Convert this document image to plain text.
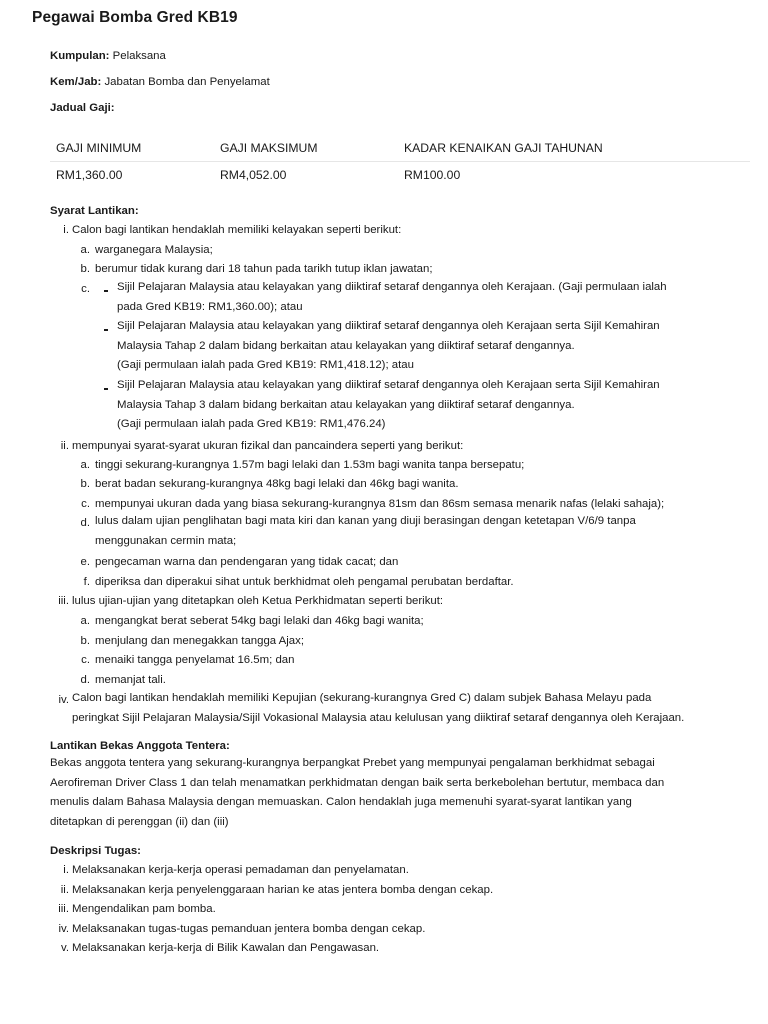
Pegawai Bomba Gred KB19
Kumpulan: Pelaksana
Kem/Jab: Jabatan Bomba dan Penyelamat
Jadual Gaji:
GAJI MINIMUM	GAJI MAKSIMUM	KADAR KENAIKAN GAJI TAHUNAN
RM1,360.00	RM4,052.00	RM100.00
Syarat Lantikan:
i. Calon bagi lantikan hendaklah memiliki kelayakan seperti berikut:
a. warganegara Malaysia;
b. berumur tidak kurang dari 18 tahun pada tarikh tutup iklan jawatan;
c. Sijil Pelajaran Malaysia atau kelayakan yang diiktiraf setaraf dengannya oleh Kerajaan. (Gaji permulaan ialah
pada Gred KB19: RM1,360.00); atau
Sijil Pelajaran Malaysia atau kelayakan yang diiktiraf setaraf dengannya oleh Kerajaan serta Sijil Kemahiran
Malaysia Tahap 2 dalam bidang berkaitan atau kelayakan yang diiktiraf setaraf dengannya.
(Gaji permulaan ialah pada Gred KB19: RM1,418.12); atau
Sijil Pelajaran Malaysia atau kelayakan yang diiktiraf setaraf dengannya oleh Kerajaan serta Sijil Kemahiran
Malaysia Tahap 3 dalam bidang berkaitan atau kelayakan yang diiktiraf setaraf dengannya.
(Gaji permulaan ialah pada Gred KB19: RM1,476.24)
ii. mempunyai syarat-syarat ukuran fizikal dan pancaindera seperti yang berikut:
a. tinggi sekurang-kurangnya 1.57m bagi lelaki dan 1.53m bagi wanita tanpa bersepatu;
b. berat badan sekurang-kurangnya 48kg bagi lelaki dan 46kg bagi wanita.
c. mempunyai ukuran dada yang biasa sekurang-kurangnya 81sm dan 86sm semasa menarik nafas (lelaki sahaja);
d. lulus dalam ujian penglihatan bagi mata kiri dan kanan yang diuji berasingan dengan ketetapan V/6/9 tanpa
menggunakan cermin mata;
e. pengecaman warna dan pendengaran yang tidak cacat; dan
f. diperiksa dan diperakui sihat untuk berkhidmat oleh pengamal perubatan berdaftar.
iii. lulus ujian-ujian yang ditetapkan oleh Ketua Perkhidmatan seperti berikut:
a. mengangkat berat seberat 54kg bagi lelaki dan 46kg bagi wanita;
b. menjulang dan menegakkan tangga Ajax;
c. menaiki tangga penyelamat 16.5m; dan
d. memanjat tali.
iv. Calon bagi lantikan hendaklah memiliki Kepujian (sekurang-kurangnya Gred C) dalam subjek Bahasa Melayu pada
peringkat Sijil Pelajaran Malaysia/Sijil Vokasional Malaysia atau kelulusan yang diiktiraf setaraf dengannya oleh Kerajaan.
Lantikan Bekas Anggota Tentera:
Bekas anggota tentera yang sekurang-kurangnya berpangkat Prebet yang mempunyai pengalaman berkhidmat sebagai
Aerofireman Driver Class 1 dan telah menamatkan perkhidmatan dengan baik serta berkebolehan bertutur, membaca dan
menulis dalam Bahasa Malaysia dengan memuaskan. Calon hendaklah juga memenuhi syarat-syarat lantikan yang
ditetapkan di perenggan (ii) dan (iii)
Deskripsi Tugas:
i. Melaksanakan kerja-kerja operasi pemadaman dan penyelamatan.
ii. Melaksanakan kerja penyelenggaraan harian ke atas jentera bomba dengan cekap.
iii. Mengendalikan pam bomba.
iv. Melaksanakan tugas-tugas pemanduan jentera bomba dengan cekap.
v. Melaksanakan kerja-kerja di Bilik Kawalan dan Pengawasan.
